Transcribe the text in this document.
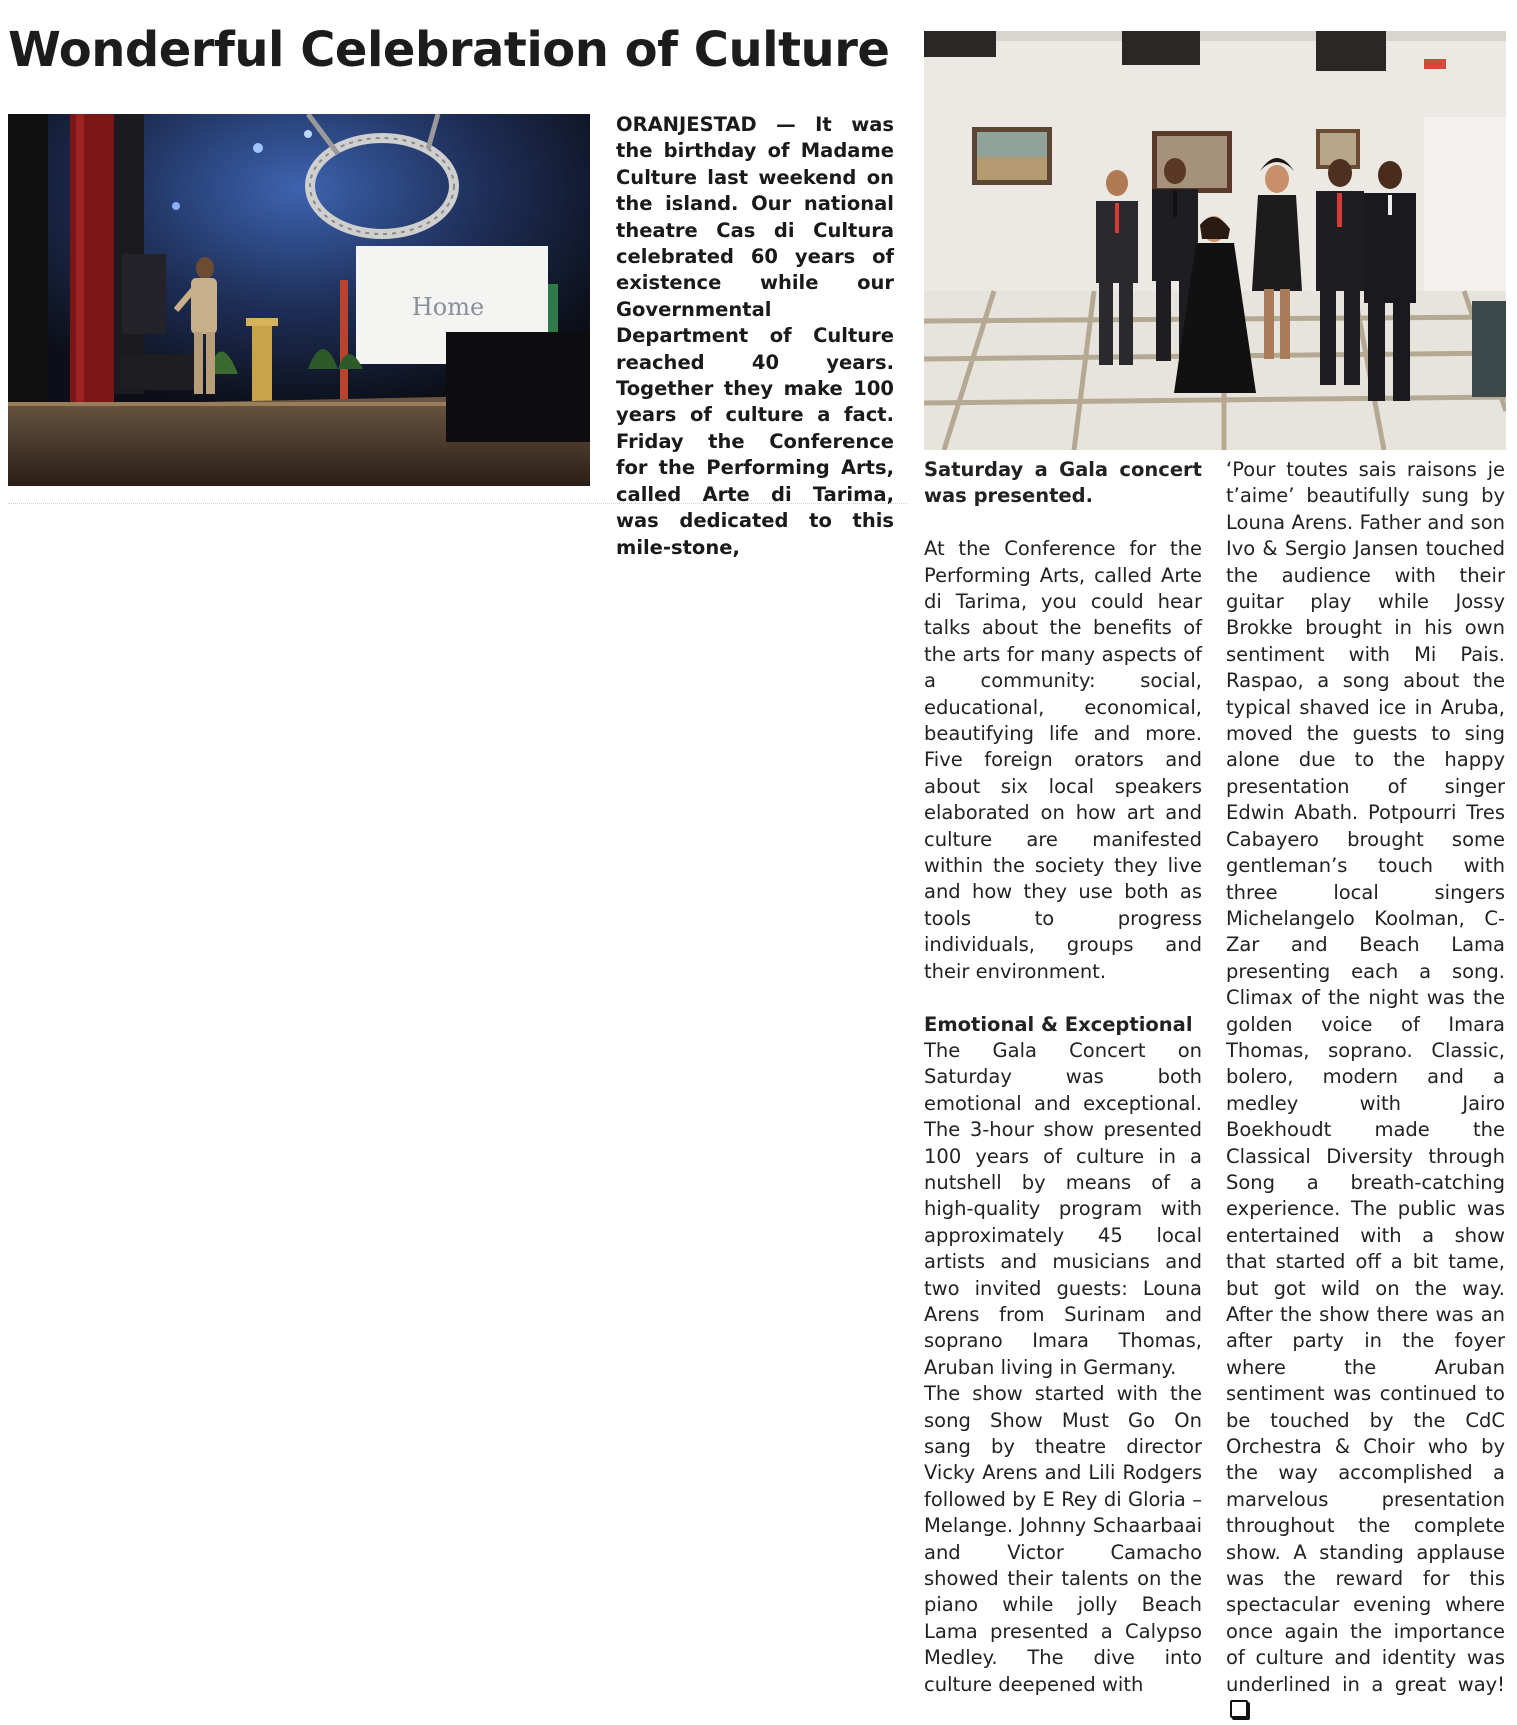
Wonderful Celebration of Culture
Home

ORANJESTAD — It was the birthday of Madame Culture last weekend on the island. Our national theatre Cas di Cultura celebrated 60 years of existence while our Governmental Department of Culture reached 40 years. Together they make 100 years of culture a fact. Friday the Conference for the Performing Arts, called Arte di Tarima, was dedicated to this mile-stone,

Saturday a Gala concert was presented.

At the Conference for the Performing Arts, called Arte di Tarima, you could hear talks about the benefits of the arts for many aspects of a community: social, educational, economical, beautifying life and more. Five foreign orators and about six local speakers elaborated on how art and culture are manifested within the society they live and how they use both as tools to progress individuals, groups and their environment.

Emotional & Exceptional

The Gala Concert on Saturday was both emotional and exceptional. The 3-hour show presented 100 years of culture in a nutshell by means of a high-quality program with approximately 45 local artists and musicians and two invited guests: Louna Arens from Surinam and soprano Imara Thomas, Aruban living in Germany.

The show started with the song Show Must Go On sang by theatre director Vicky Arens and Lili Rodgers followed by E Rey di Gloria – Melange. Johnny Schaarbaai and Victor Camacho showed their talents on the piano while jolly Beach Lama presented a Calypso Medley. The dive into culture deepened with

‘Pour toutes sais raisons je t’aime’ beautifully sung by Louna Arens. Father and son Ivo & Sergio Jansen touched the audience with their guitar play while Jossy Brokke brought in his own sentiment with Mi Pais. Raspao, a song about the typical shaved ice in Aruba, moved the guests to sing alone due to the happy presentation of singer Edwin Abath. Potpourri Tres Cabayero brought some gentleman’s touch with three local singers Michelangelo Koolman, C-Zar and Beach Lama presenting each a song. Climax of the night was the golden voice of Imara Thomas, soprano. Classic, bolero, modern and a medley with Jairo Boekhoudt made the Classical Diversity through Song a breath-catching experience. The public was entertained with a show that started off a bit tame, but got wild on the way. After the show there was an after party in the foyer where the Aruban sentiment was continued to be touched by the CdC Orchestra & Choir who by the way accomplished a marvelous presentation throughout the complete show. A standing applause was the reward for this spectacular evening where once again the importance of culture and identity was underlined in a great way!
